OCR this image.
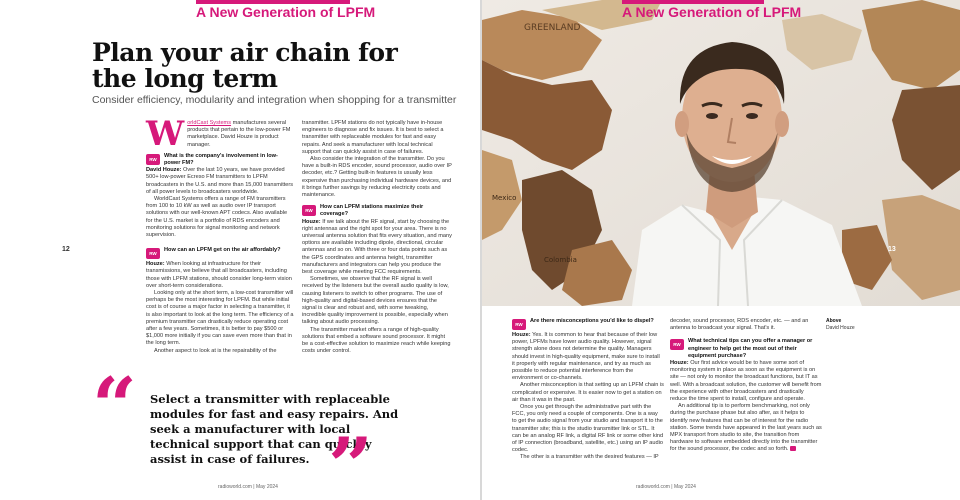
A New Generation of LPFM
Plan your air chain for the long term
Consider efficiency, modularity and integration when shopping for a transmitter
W orldCast Systems manufactures several products that pertain to the low-power FM marketplace. David Houze is product manager.
RW
What is the company's involvement in low-power FM?

David Houze: Over the last 10 years, we have provided 500+ low-power Ecreso FM transmitters to LPFM broadcasters in the U.S. and more than 15,000 transmitters of all power levels to broadcasters worldwide.

WorldCast Systems offers a range of FM transmitters from 100 to 10 kW as well as audio over IP transport solutions with our well-known APT codecs. Also available for the U.S. market is a portfolio of RDS encoders and monitoring solutions for signal monitoring and network supervision.

RW
How can an LPFM get on the air affordably?

Houze: When looking at infrastructure for their transmissions, we believe that all broadcasters, including those with LPFM stations, should consider long-term vision over short-term considerations.

Looking only at the short term, a low-cost transmitter will perhaps be the most interesting for LPFM. But while initial cost is of course a major factor in selecting a transmitter, it is also important to look at the long term. The efficiency of a premium transmitter can drastically reduce operating cost after a few years. Sometimes, it is better to pay $500 or $1,000 more initially if you can save even more than that in the long term.

Another aspect to look at is the repairability of the

transmitter. LPFM stations do not typically have in-house engineers to diagnose and fix issues. It is best to select a transmitter with replaceable modules for fast and easy repairs. And seek a manufacturer with local technical support that can quickly assist in case of failures.

Also consider the integration of the transmitter. Do you have a built-in RDS encoder, sound processor, audio over IP decoder, etc.? Getting built-in features is usually less expensive than purchasing individual hardware devices, and it brings further savings by reducing electricity costs and maintenance.

RW
How can LPFM stations maximize their coverage?

Houze: If we talk about the RF signal, start by choosing the right antennas and the right spot for your area. There is no universal antenna solution that fits every situation, and many options are available including dipole, directional, circular antennas and so on. With three or four data points such as the GPS coordinates and antenna height, transmitter manufacturers and integrators can help you produce the best coverage while meeting FCC requirements.

Sometimes, we observe that the RF signal is well received by the listeners but the overall audio quality is low, causing listeners to switch to other programs. The use of high-quality and digital-based devices ensures that the signal is clear and robust and, with some tweaking, incredible quality improvement is possible, especially when talking about audio processing.

The transmitter market offers a range of high-quality solutions that embed a software sound processor. It might be a cost-effective solution to maximize reach while keeping costs under control.

12
“	Select a transmitter with replaceable modules for fast and easy repairs. And seek a manufacturer with local technical support that can quickly assist in case of failures. ”
radioworld.com | May 2024
GREENLAND
Mexico
Colombia
A New Generation of LPFM
13
RW
Are there misconceptions you'd like to dispel?

Houze: Yes. It is common to hear that because of their low power, LPFMs have lower audio quality. However, signal strength alone does not determine the quality. Managers should invest in high-quality equipment, make sure to install it properly with regular maintenance, and try as much as possible to reduce potential interference from the environment or co-channels.

Another misconception is that setting up an LPFM chain is complicated or expensive. It is easier now to get a station on air than it was in the past.

Once you get through the administrative part with the FCC, you only need a couple of components. One is a way to get the audio signal from your studio and transport it to the transmitter site; this is the studio transmitter link or STL. It can be an analog RF link, a digital RF link or some other kind of IP connection (broadband, satellite, etc.) using an IP audio codec.

The other is a transmitter with the desired features — IP

decoder, sound processor, RDS encoder, etc. — and an antenna to broadcast your signal. That's it.

RW
What technical tips can you offer a manager or engineer to help get the most out of their equipment purchase?

Houze: Our first advice would be to have some sort of monitoring system in place as soon as the equipment is on site — not only to monitor the broadcast functions, but IT as well. With a broadcast solution, the customer will benefit from the experience with other broadcasters and drastically reduce the time spent to install, configure and operate.

An additional tip is to perform benchmarking, not only during the purchase phase but also after, as it helps to identify new features that can be of interest for the radio station. Some trends have appeared in the last years such as MPX transport from studio to site, the transition from hardware to software embedded directly into the transmitter for the sound processor, the codec and so forth.

Above
David Houze
radioworld.com | May 2024
